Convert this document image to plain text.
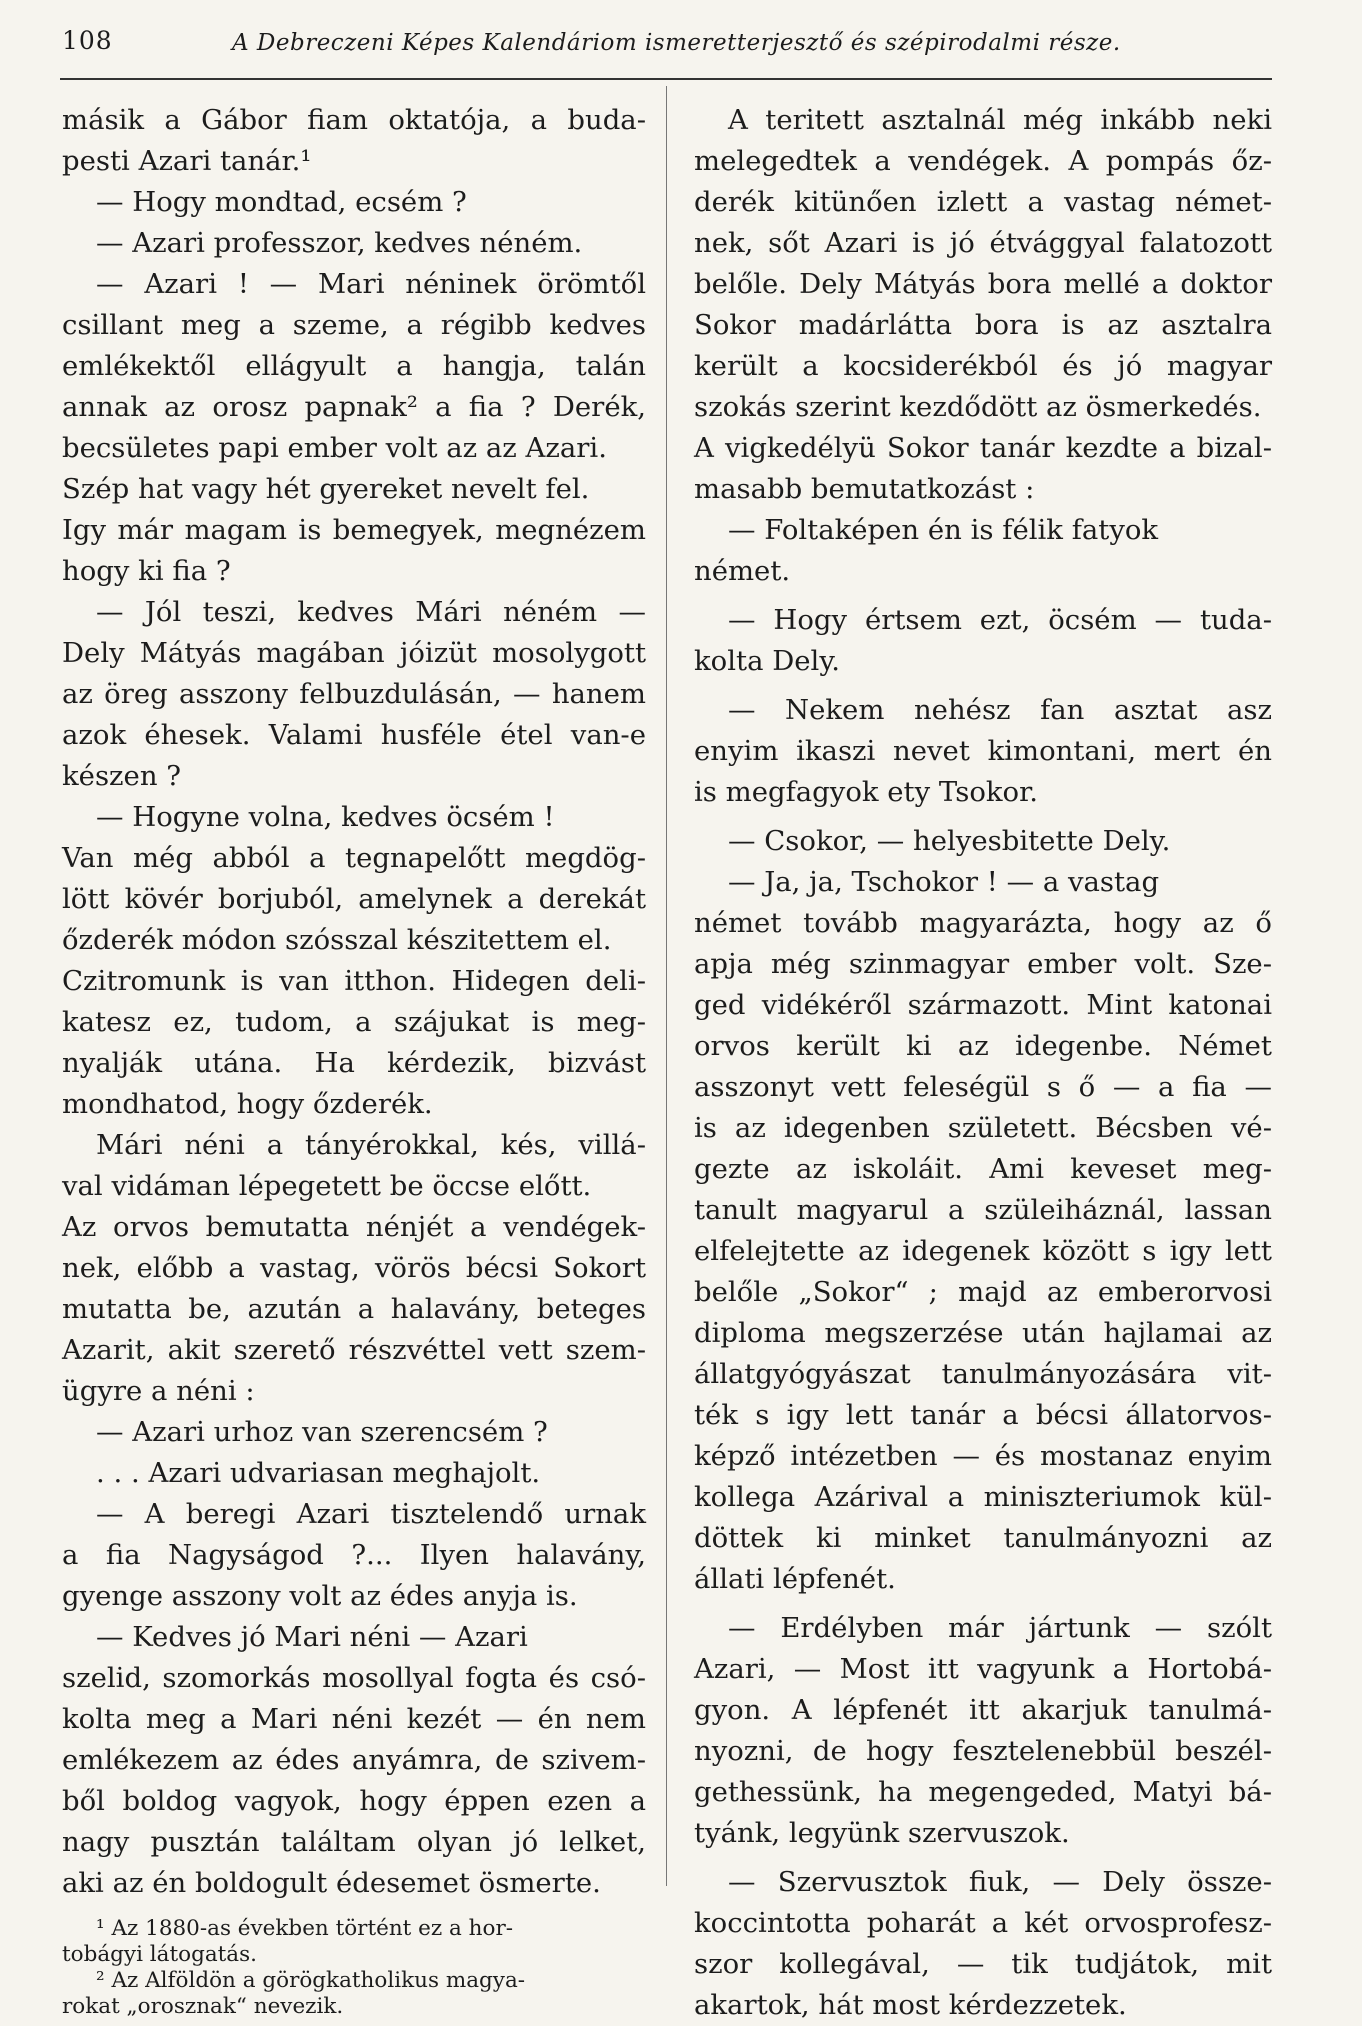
108	A Debreczeni Képes Kalendáriom ismeretterjesztő és szépirodalmi része.
másik a Gábor fiam oktatója, a buda-
pesti Azari tanár.¹
— Hogy mondtad, ecsém ?
— Azari professzor, kedves néném.
— Azari ! — Mari néninek örömtől
csillant meg a szeme, a régibb kedves
emlékektől ellágyult a hangja, talán
annak az orosz papnak² a fia ? Derék,
becsületes papi ember volt az az Azari.
Szép hat vagy hét gyereket nevelt fel.
Igy már magam is bemegyek, megnézem
hogy ki fia ?
— Jól teszi, kedves Mári néném —
Dely Mátyás magában jóizüt mosolygott
az öreg asszony felbuzdulásán, — hanem
azok éhesek. Valami husféle étel van-e
készen ?
— Hogyne volna, kedves öcsém !
Van még abból a tegnapelőtt megdög-
lött kövér borjuból, amelynek a derekát
őzderék módon szósszal készitettem el.
Czitromunk is van itthon. Hidegen deli-
katesz ez, tudom, a szájukat is meg-
nyalják utána. Ha kérdezik, bizvást
mondhatod, hogy őzderék.
Mári néni a tányérokkal, kés, villá-
val vidáman lépegetett be öccse előtt.
Az orvos bemutatta nénjét a vendégek-
nek, előbb a vastag, vörös bécsi Sokort
mutatta be, azután a halavány, beteges
Azarit, akit szerető részvéttel vett szem-
ügyre a néni :
— Azari urhoz van szerencsém ?
. . . Azari udvariasan meghajolt.
— A beregi Azari tisztelendő urnak
a fia Nagyságod ?... Ilyen halavány,
gyenge asszony volt az édes anyja is.
— Kedves jó Mari néni — Azari
szelid, szomorkás mosollyal fogta és csó-
kolta meg a Mari néni kezét — én nem
emlékezem az édes anyámra, de szivem-
ből boldog vagyok, hogy éppen ezen a
nagy pusztán találtam olyan jó lelket,
aki az én boldogult édesemet ösmerte.
¹ Az 1880-as években történt ez a hor-
tobágyi látogatás.
² Az Alföldön a görögkatholikus magya-
rokat „orosznak“ nevezik.
A teritett asztalnál még inkább neki
melegedtek a vendégek. A pompás őz-
derék kitünően izlett a vastag német-
nek, sőt Azari is jó étvággyal falatozott
belőle. Dely Mátyás bora mellé a doktor
Sokor madárlátta bora is az asztalra
került a kocsiderékból és jó magyar
szokás szerint kezdődött az ösmerkedés.
A vigkedélyü Sokor tanár kezdte a bizal-
masabb bemutatkozást :
— Foltaképen én is félik fatyok
német.
— Hogy értsem ezt, öcsém — tuda-
kolta Dely.
— Nekem nehész fan asztat asz
enyim ikaszi nevet kimontani, mert én
is megfagyok ety Tsokor.
— Csokor, — helyesbitette Dely.
— Ja, ja, Tschokor ! — a vastag
német tovább magyarázta, hogy az ő
apja még szinmagyar ember volt. Sze-
ged vidékéről származott. Mint katonai
orvos került ki az idegenbe. Német
asszonyt vett feleségül s ő — a fia —
is az idegenben született. Bécsben vé-
gezte az iskoláit. Ami keveset meg-
tanult magyarul a szüleiháznál, lassan
elfelejtette az idegenek között s igy lett
belőle „Sokor“ ; majd az emberorvosi
diploma megszerzése után hajlamai az
állatgyógyászat tanulmányozására vit-
ték s igy lett tanár a bécsi állatorvos-
képző intézetben — és mostanaz enyim
kollega Azárival a miniszteriumok kül-
döttek ki minket tanulmányozni az
állati lépfenét.
— Erdélyben már jártunk — szólt
Azari, — Most itt vagyunk a Hortobá-
gyon. A lépfenét itt akarjuk tanulmá-
nyozni, de hogy fesztelenebbül beszél-
gethessünk, ha megengeded, Matyi bá-
tyánk, legyünk szervuszok.
— Szervusztok fiuk, — Dely össze-
koccintotta poharát a két orvosprofesz-
szor kollegával, — tik tudjátok, mit
akartok, hát most kérdezzetek.
